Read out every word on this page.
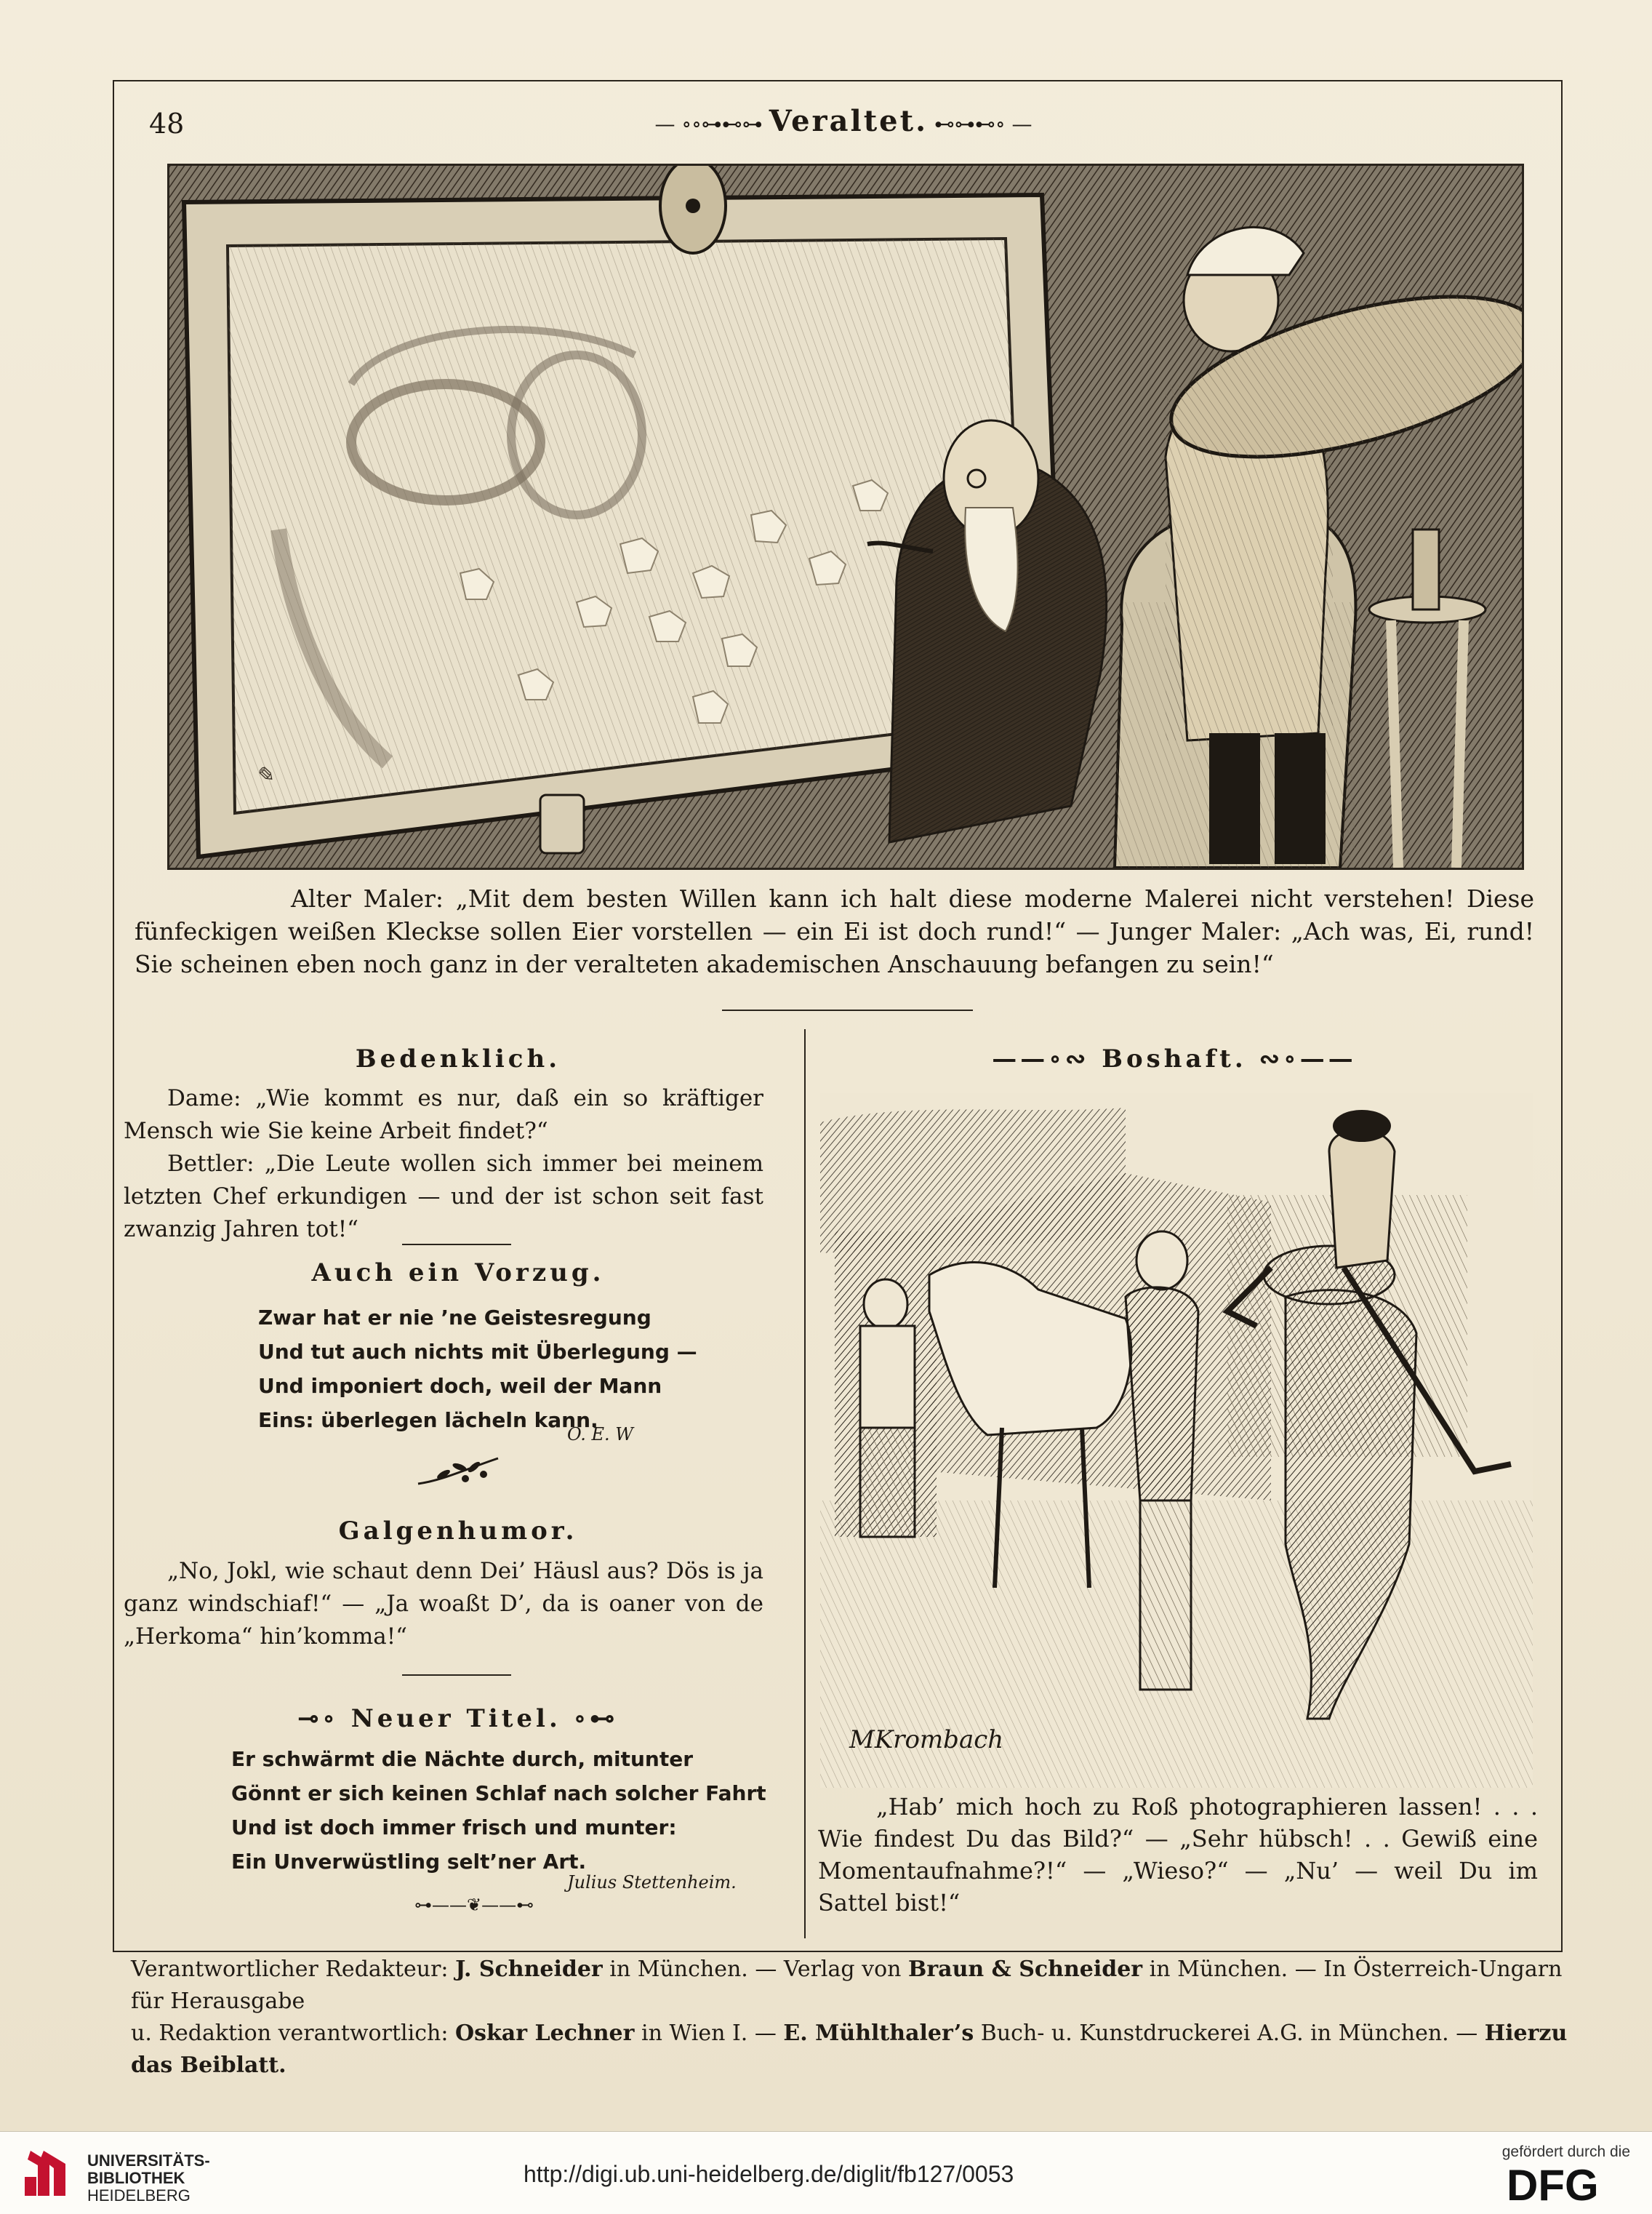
48	— ∘∘⊶⊷⊶ Veraltet. ⊷⊶⊷∘ —
✎

Alter Maler: „Mit dem besten Willen kann ich halt diese moderne Malerei nicht verstehen! Diese fünfeckigen weißen Kleckse sollen Eier vorstellen — ein Ei ist doch rund!“ — Junger Maler: „Ach was, Ei, rund! Sie scheinen eben noch ganz in der veralteten akademischen Anschauung befangen zu sein!“

Bedenklich.

Dame: „Wie kommt es nur, daß ein so kräftiger Mensch wie Sie keine Arbeit findet?“

Bettler: „Die Leute wollen sich immer bei meinem letzten Chef erkundigen — und der ist schon seit fast zwanzig Jahren tot!“

Auch ein Vorzug.
Zwar hat er nie ’ne Geistesregung
Und tut auch nichts mit Überlegung —
Und imponiert doch, weil der Mann
Eins: überlegen lächeln kann.
O. E. W
Galgenhumor.

„No, Jokl, wie schaut denn Dei’ Häusl aus? Dös is ja ganz windschiaf!“ — „Ja woaßt D’, da is oaner von de „Herkoma“ hin’komma!“

⊸∘ Neuer Titel. ∘⊷
Er schwärmt die Nächte durch, mitunter
Gönnt er sich keinen Schlaf nach solcher Fahrt
Und ist doch immer frisch und munter:
Ein Unverwüstling selt’ner Art.
Julius Stettenheim.
⊶——❦——⊷
——∘∾ Boshaft. ∾∘——
MKrombach

„Hab’ mich hoch zu Roß photographieren lassen! . . . Wie findest Du das Bild?“ — „Sehr hübsch! . . Gewiß eine Momentaufnahme?!“ — „Wieso?“ — „Nu’ — weil Du im Sattel bist!“

Verantwortlicher Redakteur: J. Schneider in München. — Verlag von Braun & Schneider in München. — In Österreich-Ungarn für Herausgabe
u. Redaktion verantwortlich: Oskar Lechner in Wien I. — E. Mühlthaler’s Buch- u. Kunstdruckerei A.G. in München. — Hierzu das Beiblatt.
UNIVERSITÄTS-
BIBLIOTHEK
HEIDELBERG
http://digi.ub.uni-heidelberg.de/diglit/fb127/0053
gefördert durch die
DFG
